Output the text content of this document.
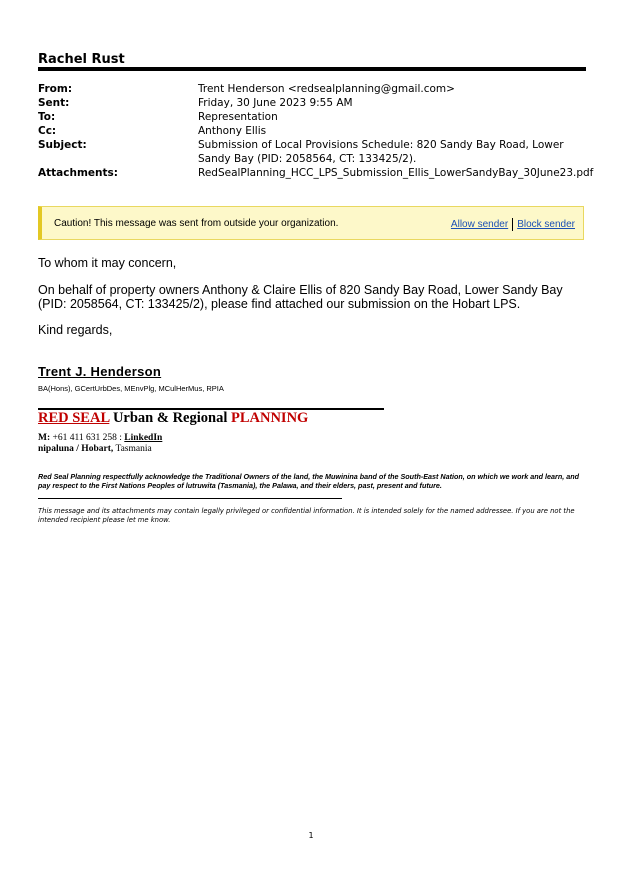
Rachel Rust
From:	Trent Henderson <redsealplanning@gmail.com>
Sent:	Friday, 30 June 2023 9:55 AM
To:	Representation
Cc:	Anthony Ellis
Subject:	Submission of Local Provisions Schedule: 820 Sandy Bay Road, Lower Sandy Bay (PID: 2058564, CT: 133425/2).
Attachments:	RedSealPlanning_HCC_LPS_Submission_Ellis_LowerSandyBay_30June23.pdf
Caution! This message was sent from outside your organization.	Allow sender Block sender
To whom it may concern,
On behalf of property owners Anthony & Claire Ellis of 820 Sandy Bay Road, Lower Sandy Bay (PID: 2058564, CT: 133425/2), please find attached our submission on the Hobart LPS.
Kind regards,
Trent J. Henderson
BA(Hons), GCertUrbDes, MEnvPlg, MCulHerMus, RPIA
RED SEAL Urban & Regional PLANNING
M: +61 411 631 258 : LinkedIn
nipaluna / Hobart, Tasmania
Red Seal Planning respectfully acknowledge the Traditional Owners of the land, the Muwinina band of the South-East Nation, on which we work and learn, and pay respect to the First Nations Peoples of lutruwita (Tasmania), the Palawa, and their elders, past, present and future.
This message and its attachments may contain legally privileged or confidential information. It is intended solely for the named addressee. If you are not the intended recipient please let me know.
1
